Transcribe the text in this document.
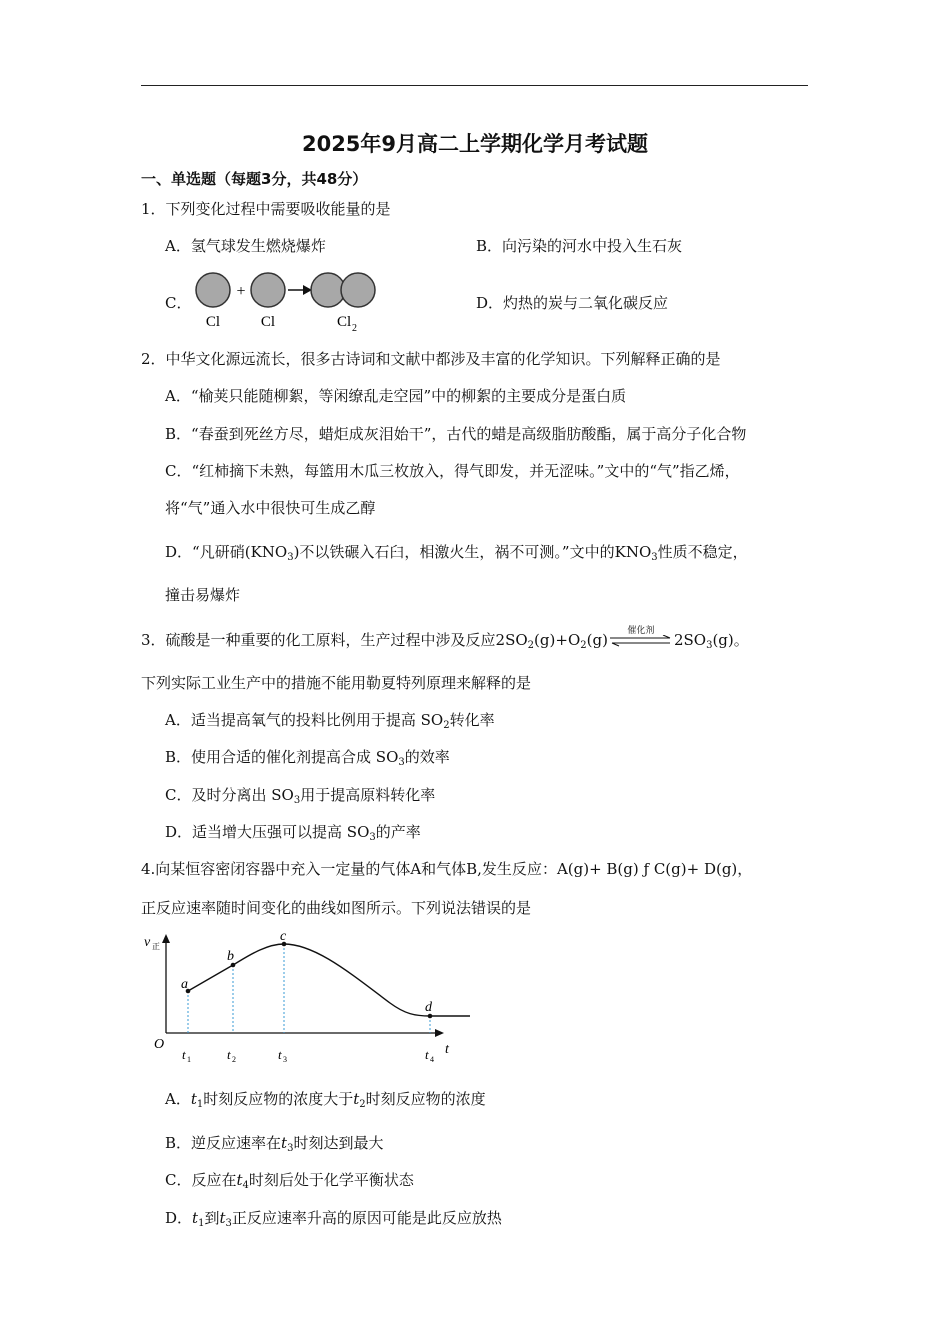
2025年9月高二上学期化学月考试题
一、单选题（每题3分，共48分）
1．下列变化过程中需要吸收能量的是
A．氢气球发生燃烧爆炸	B．向污染的河水中投入生石灰
C．
+
Cl	Cl	Cl 2
D．灼热的炭与二氧化碳反应
2．中华文化源远流长，很多古诗词和文献中都涉及丰富的化学知识。下列解释正确的是
A．“榆荚只能随柳絮，等闲缭乱走空园”中的柳絮的主要成分是蛋白质
B．“春蚕到死丝方尽，蜡炬成灰泪始干”，古代的蜡是高级脂肪酸酯，属于高分子化合物
C．“红柿摘下未熟，每篮用木瓜三枚放入，得气即发，并无涩味。”文中的“气”指乙烯，
将“气”通入水中很快可生成乙醇
D．“凡研硝$(KNO_3)$不以铁碾入石臼，相激火生，祸不可测。”文中的$KNO_3$性质不稳定，
撞击易爆炸
3．硫酸是一种重要的化工原料，生产过程中涉及反应$2SO_2(g)+O_2(g)$	催化剂	$2SO_3(g)$。
下列实际工业生产中的措施不能用勒夏特列原理来解释的是
A．适当提高氧气的投料比例用于提高 $SO_2$转化率
B．使用合适的催化剂提高合成 $SO_3$的效率
C．及时分离出 $SO_3$用于提高原料转化率
D．适当增大压强可以提高 $SO_3$的产率
4.向某恒容密闭容器中充入一定量的气体A和气体B,发生反应：A(g)+ B(g) ƒ C(g)+ D(g)，
正反应速率随时间变化的曲线如图所示。下列说法错误的是
v 正
O	t
a
b
c
d
t 1	t 2	t 3	t 4
A．$t_1$时刻反应物的浓度大于$t_2$时刻反应物的浓度
B．逆反应速率在$t_3$时刻达到最大
C．反应在$t_4$时刻后处于化学平衡状态
D．$t_1$到$t_3$正反应速率升高的原因可能是此反应放热
